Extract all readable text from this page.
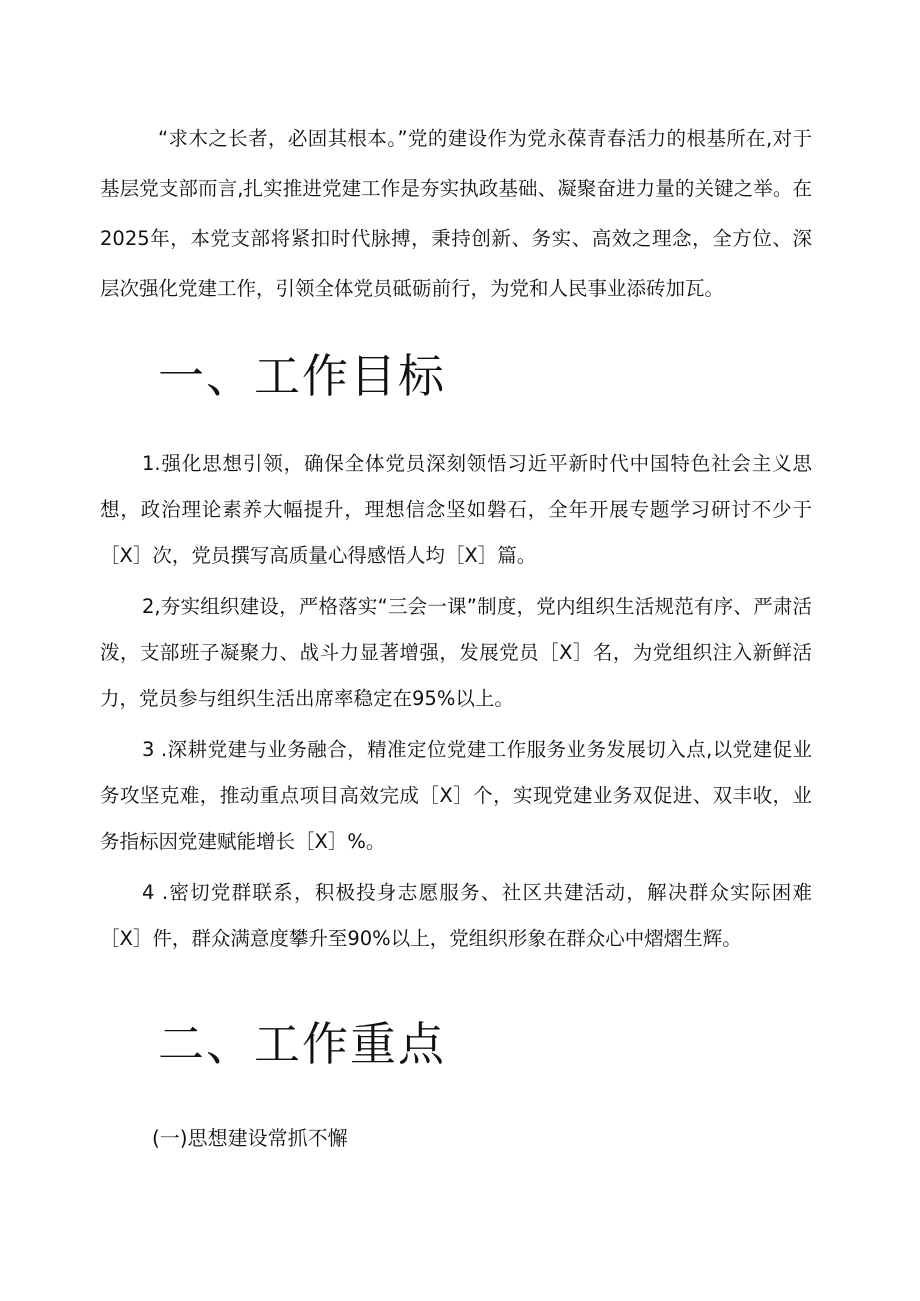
“求木之长者，必固其根本。”党的建设作为党永葆青春活力的根基所在,对于基层党支部而言,扎实推进党建工作是夯实执政基础、凝聚奋进力量的关键之举。在2025年，本党支部将紧扣时代脉搏，秉持创新、务实、高效之理念，全方位、深层次强化党建工作，引领全体党员砥砺前行，为党和人民事业添砖加瓦。

一、工作目标

1.强化思想引领，确保全体党员深刻领悟习近平新时代中国特色社会主义思想，政治理论素养大幅提升，理想信念坚如磐石，全年开展专题学习研讨不少于［X］次，党员撰写高质量心得感悟人均［X］篇。

2,夯实组织建设，严格落实“三会一课”制度，党内组织生活规范有序、严肃活泼，支部班子凝聚力、战斗力显著增强，发展党员［X］名，为党组织注入新鲜活力，党员参与组织生活出席率稳定在95%以上。

3 .深耕党建与业务融合，精准定位党建工作服务业务发展切入点,以党建促业务攻坚克难，推动重点项目高效完成［X］个，实现党建业务双促进、双丰收，业务指标因党建赋能增长［X］%。

4 .密切党群联系，积极投身志愿服务、社区共建活动，解决群众实际困难［X］件，群众满意度攀升至90%以上，党组织形象在群众心中熠熠生辉。

二、工作重点
(一)思想建设常抓不懈
